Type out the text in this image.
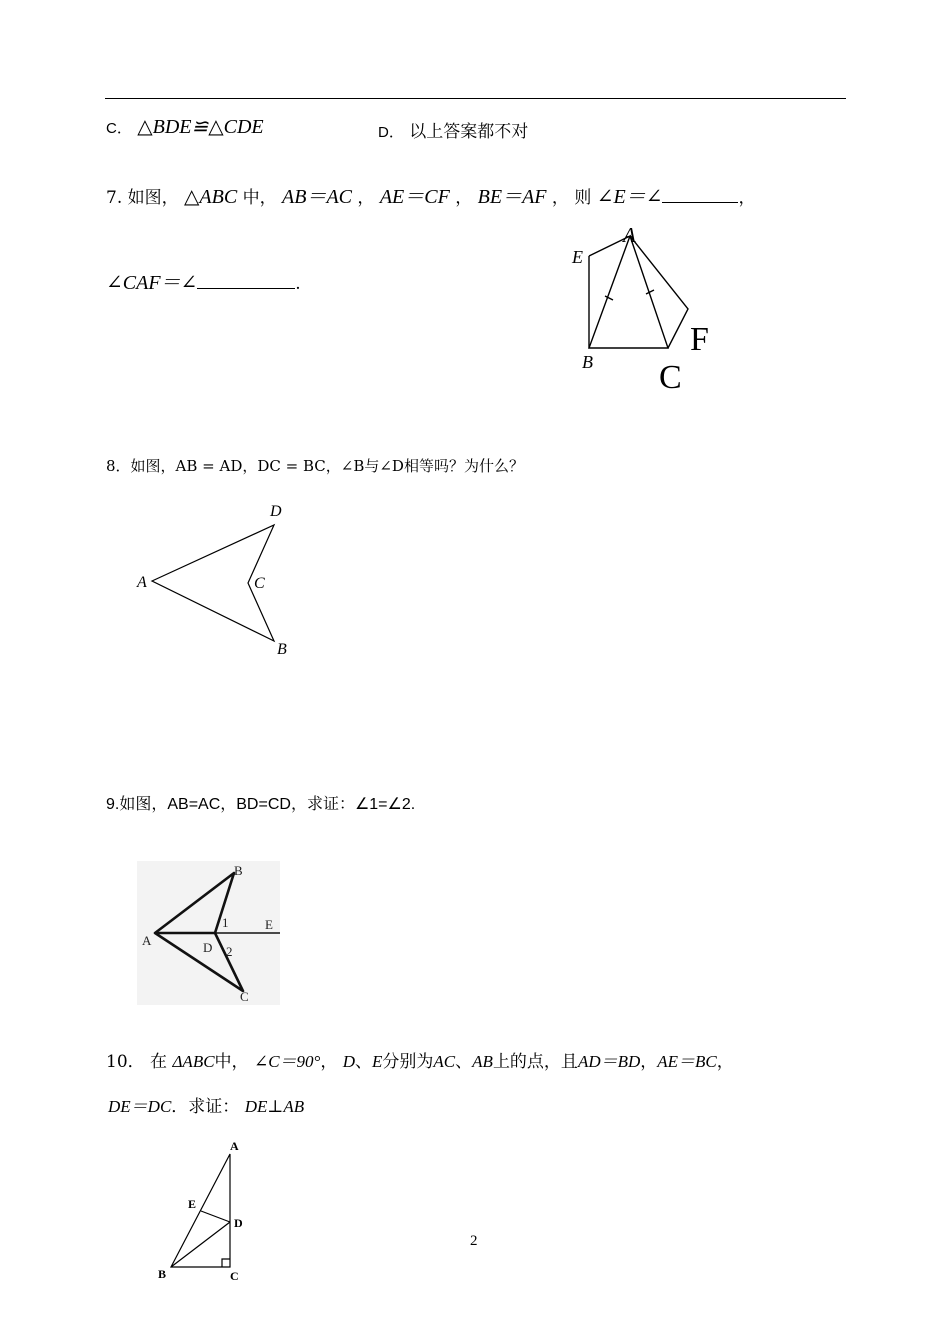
C． △BDE≌△CDE	D． 以上答案都不对
7. 如图， △ABC 中， AB＝AC ， AE＝CF ， BE＝AF ， 则 ∠E＝∠	，
∠CAF＝∠	.
A
E
B C
F
8．如图，AB = AD，DC = BC，∠B与∠D相等吗？为什么？
D
A	C
B
9.如图，AB=AC，BD=CD，求证：∠1=∠2.
B
A	D
E
1
2
C
10． 在 ΔABC中， ∠C＝90°， D、E分别为AC、AB上的点，且AD＝BD，AE＝BC，
DE＝DC．求证： DE⊥AB
A
E
D
B	C
2
